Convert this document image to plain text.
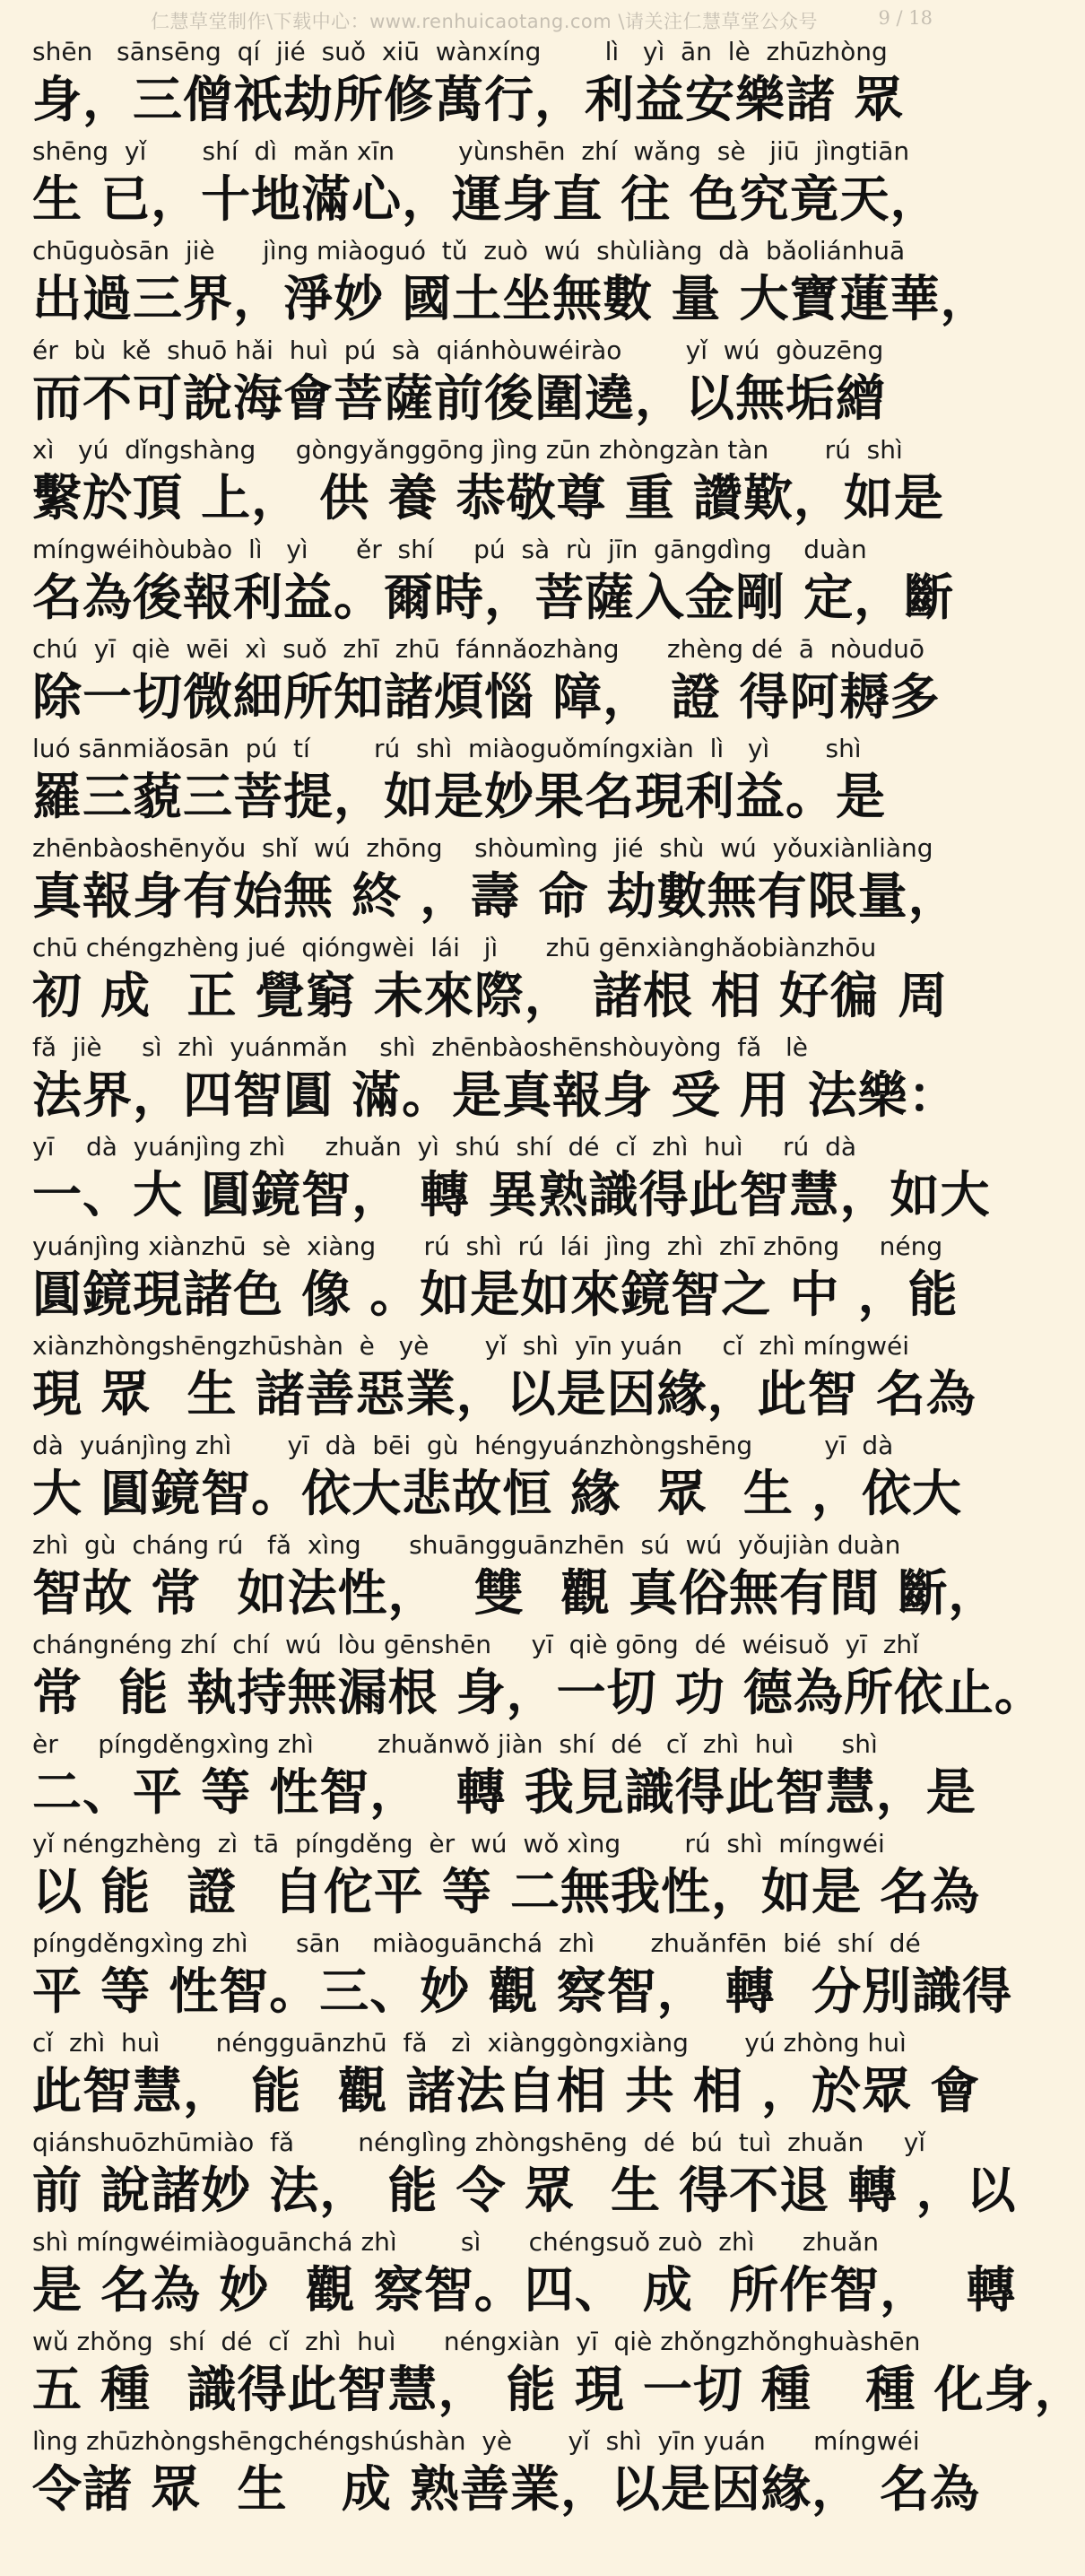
仁慧草堂制作\下载中心：www.renhuicaotang.com \请关注仁慧草堂公众号	9 / 18
shēn   sānsēng  qí  jié  suǒ  xiū  wànxíng        lì   yì  ān  lè  zhūzhòng
身，三僧祇劫所修萬行，利益安樂諸 眾
shēng  yǐ       shí  dì  mǎn xīn        yùnshēn  zhí  wǎng  sè   jiū  jìngtiān
生 已，十地滿心，運身直 往 色究竟天，
chūguòsān  jiè      jìng miàoguó  tǔ  zuò  wú  shùliàng  dà  bǎoliánhuā
出過三界，淨妙 國土坐無數 量 大寶蓮華，
ér  bù  kě  shuō hǎi  huì  pú  sà  qiánhòuwéirào        yǐ  wú  gòuzēng
而不可說海會菩薩前後圍遶，以無垢繒
xì   yú  dǐngshàng     gòngyǎnggōng jìng zūn zhòngzàn tàn       rú  shì
繫於頂 上， 供 養 恭敬尊 重 讚歎，如是
míngwéihòubào  lì   yì      ěr  shí     pú  sà  rù  jīn  gāngdìng    duàn
名為後報利益。爾時，菩薩入金剛 定，斷
chú  yī  qiè  wēi  xì  suǒ  zhī  zhū  fánnǎozhàng      zhèng dé  ā  nòuduō
除一切微細所知諸煩惱 障， 證 得阿耨多
luó sānmiǎosān  pú  tí        rú  shì  miàoguǒmíngxiàn  lì   yì       shì
羅三藐三菩提，如是妙果名現利益。是
zhēnbàoshēnyǒu  shǐ  wú  zhōng    shòumìng  jié  shù  wú  yǒuxiànliàng
真報身有始無 終 ，壽 命 劫數無有限量，
chū chéngzhèng jué  qióngwèi  lái   jì      zhū gēnxiànghǎobiànzhōu
初 成  正 覺窮 未來際， 諸根 相 好徧 周
fǎ  jiè     sì  zhì  yuánmǎn    shì  zhēnbàoshēnshòuyòng  fǎ   lè
法界，四智圓 滿。是真報身 受 用 法樂：
yī    dà  yuánjìng zhì     zhuǎn  yì  shú  shí  dé  cǐ  zhì  huì     rú  dà
一、大 圓鏡智， 轉 異熟識得此智慧，如大
yuánjìng xiànzhū  sè  xiàng      rú  shì  rú  lái  jìng  zhì  zhī zhōng     néng
圓鏡現諸色 像 。如是如來鏡智之 中 ，能
xiànzhòngshēngzhūshàn  è   yè       yǐ  shì  yīn yuán     cǐ  zhì míngwéi
現 眾  生 諸善惡業，以是因緣，此智 名為
dà  yuánjìng zhì       yī  dà  bēi  gù  héngyuánzhòngshēng         yī  dà
大 圓鏡智。依大悲故恒 緣  眾  生 ，依大
zhì  gù  cháng rú   fǎ  xìng      shuāngguānzhēn  sú  wú  yǒujiàn duàn
智故 常  如法性，  雙  觀 真俗無有間 斷，
chángnéng zhí  chí  wú  lòu gēnshēn     yī  qiè gōng  dé  wéisuǒ  yī  zhǐ
常  能 執持無漏根 身，一切 功 德為所依止。
èr     píngděngxìng zhì        zhuǎnwǒ jiàn  shí  dé   cǐ  zhì  huì      shì
二、平 等 性智，  轉 我見識得此智慧，是
yǐ néngzhèng  zì  tā  píngděng  èr  wú  wǒ xìng        rú  shì  míngwéi
以 能  證  自佗平 等 二無我性，如是 名為
píngděngxìng zhì      sān    miàoguānchá  zhì       zhuǎnfēn  bié  shí  dé
平 等 性智。三、妙 觀 察智， 轉  分別識得
cǐ  zhì  huì       néngguānzhū  fǎ   zì  xiànggòngxiàng       yú zhòng huì
此智慧， 能  觀 諸法自相 共 相 ，於眾 會
qiánshuōzhūmiào  fǎ        nénglìng zhòngshēng  dé  bú  tuì  zhuǎn     yǐ
前 說諸妙 法， 能 令 眾  生 得不退 轉 ，以
shì míngwéimiàoguānchá zhì        sì      chéngsuǒ zuò  zhì      zhuǎn
是 名為 妙  觀 察智。四、 成  所作智，  轉
wǔ zhǒng  shí  dé  cǐ  zhì  huì      néngxiàn  yī  qiè zhǒngzhǒnghuàshēn
五 種  識得此智慧， 能 現 一切 種   種 化身，
lìng zhūzhòngshēngchéngshúshàn  yè       yǐ  shì  yīn yuán      míngwéi
令諸 眾  生   成 熟善業，以是因緣， 名為
